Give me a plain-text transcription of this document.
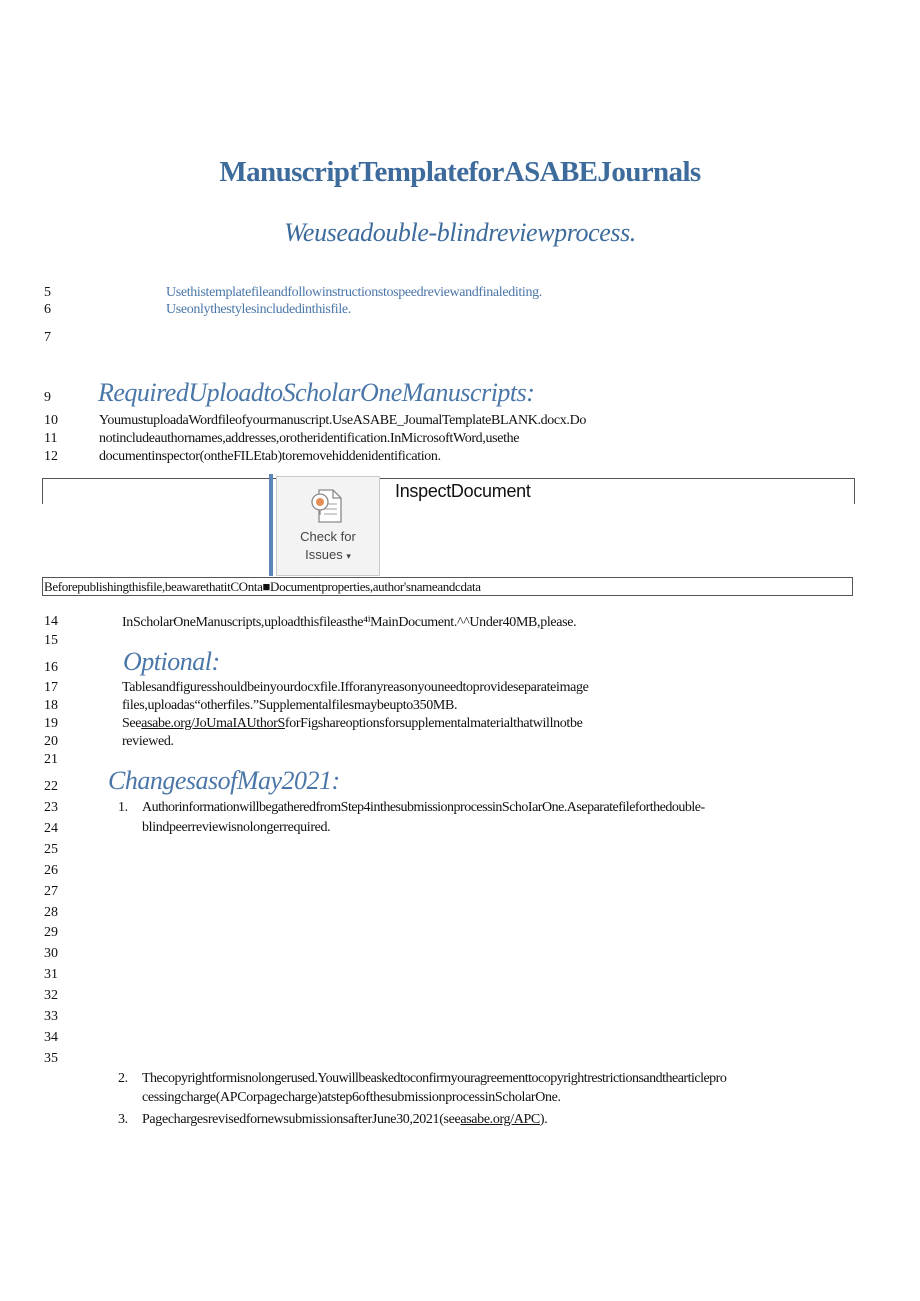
ManuscriptTemplateforASABEJournals
Weuseadouble-blindreviewprocess.
5	Usethistemplatefileandfollowinstructionstospeedreviewandfinalediting.
6	Useonlythestylesincludedinthisfile.
7
9 RequiredUploadtoScholarOneManuscripts:
10	YoumustuploadaWordfileofyourmanuscript.UseASABE_JoumalTemplateBLANK.docx.Do
11	notincludeauthornames,addresses,orotheridentification.InMicrosoftWord,usethe
12	documentinspector(ontheFILEtab)toremovehiddenidentification.
Check for
Issues ▾
InspectDocument
Beforepublishingthisfile,beawarethatitCOnta■Documentproperties,author'snameandcdata
14	InScholarOneManuscripts,uploadthisfileasthe⁴ⁱMainDocument.^^Under40MB,please.
15
16	Optional:
17	Tablesandfiguresshouldbeinyourdocxfile.Ifforanyreasonyouneedtoprovideseparateimage
18	files,uploadas“otherfiles.”Supplementalfilesmaybeupto350MB.
19	Seeasabe.org/JoUmaIAUthorSforFigshareoptionsforsupplementalmaterialthatwillnotbe
20	reviewed.
21
22 ChangesasofMay2021:
23	1. AuthorinformationwillbegatheredfromStep4inthesubmissionprocessinSchoIarOne.Aseparatefileforthedouble-
24	blindpeerreviewisnolongerrequired.
25
26
27
28
29
30
31
32
33
34
35
2. Thecopyrightformisnolongerused.Youwillbeaskedtoconfirmyouragreementtocopyrightrestrictionsandthearticlepro
cessingcharge(APCorpagecharge)atstep6ofthesubmissionprocessinScholarOne.
3. PagechargesrevisedfornewsubmissionsafterJune30,2021(seeasabe.org/APC).
